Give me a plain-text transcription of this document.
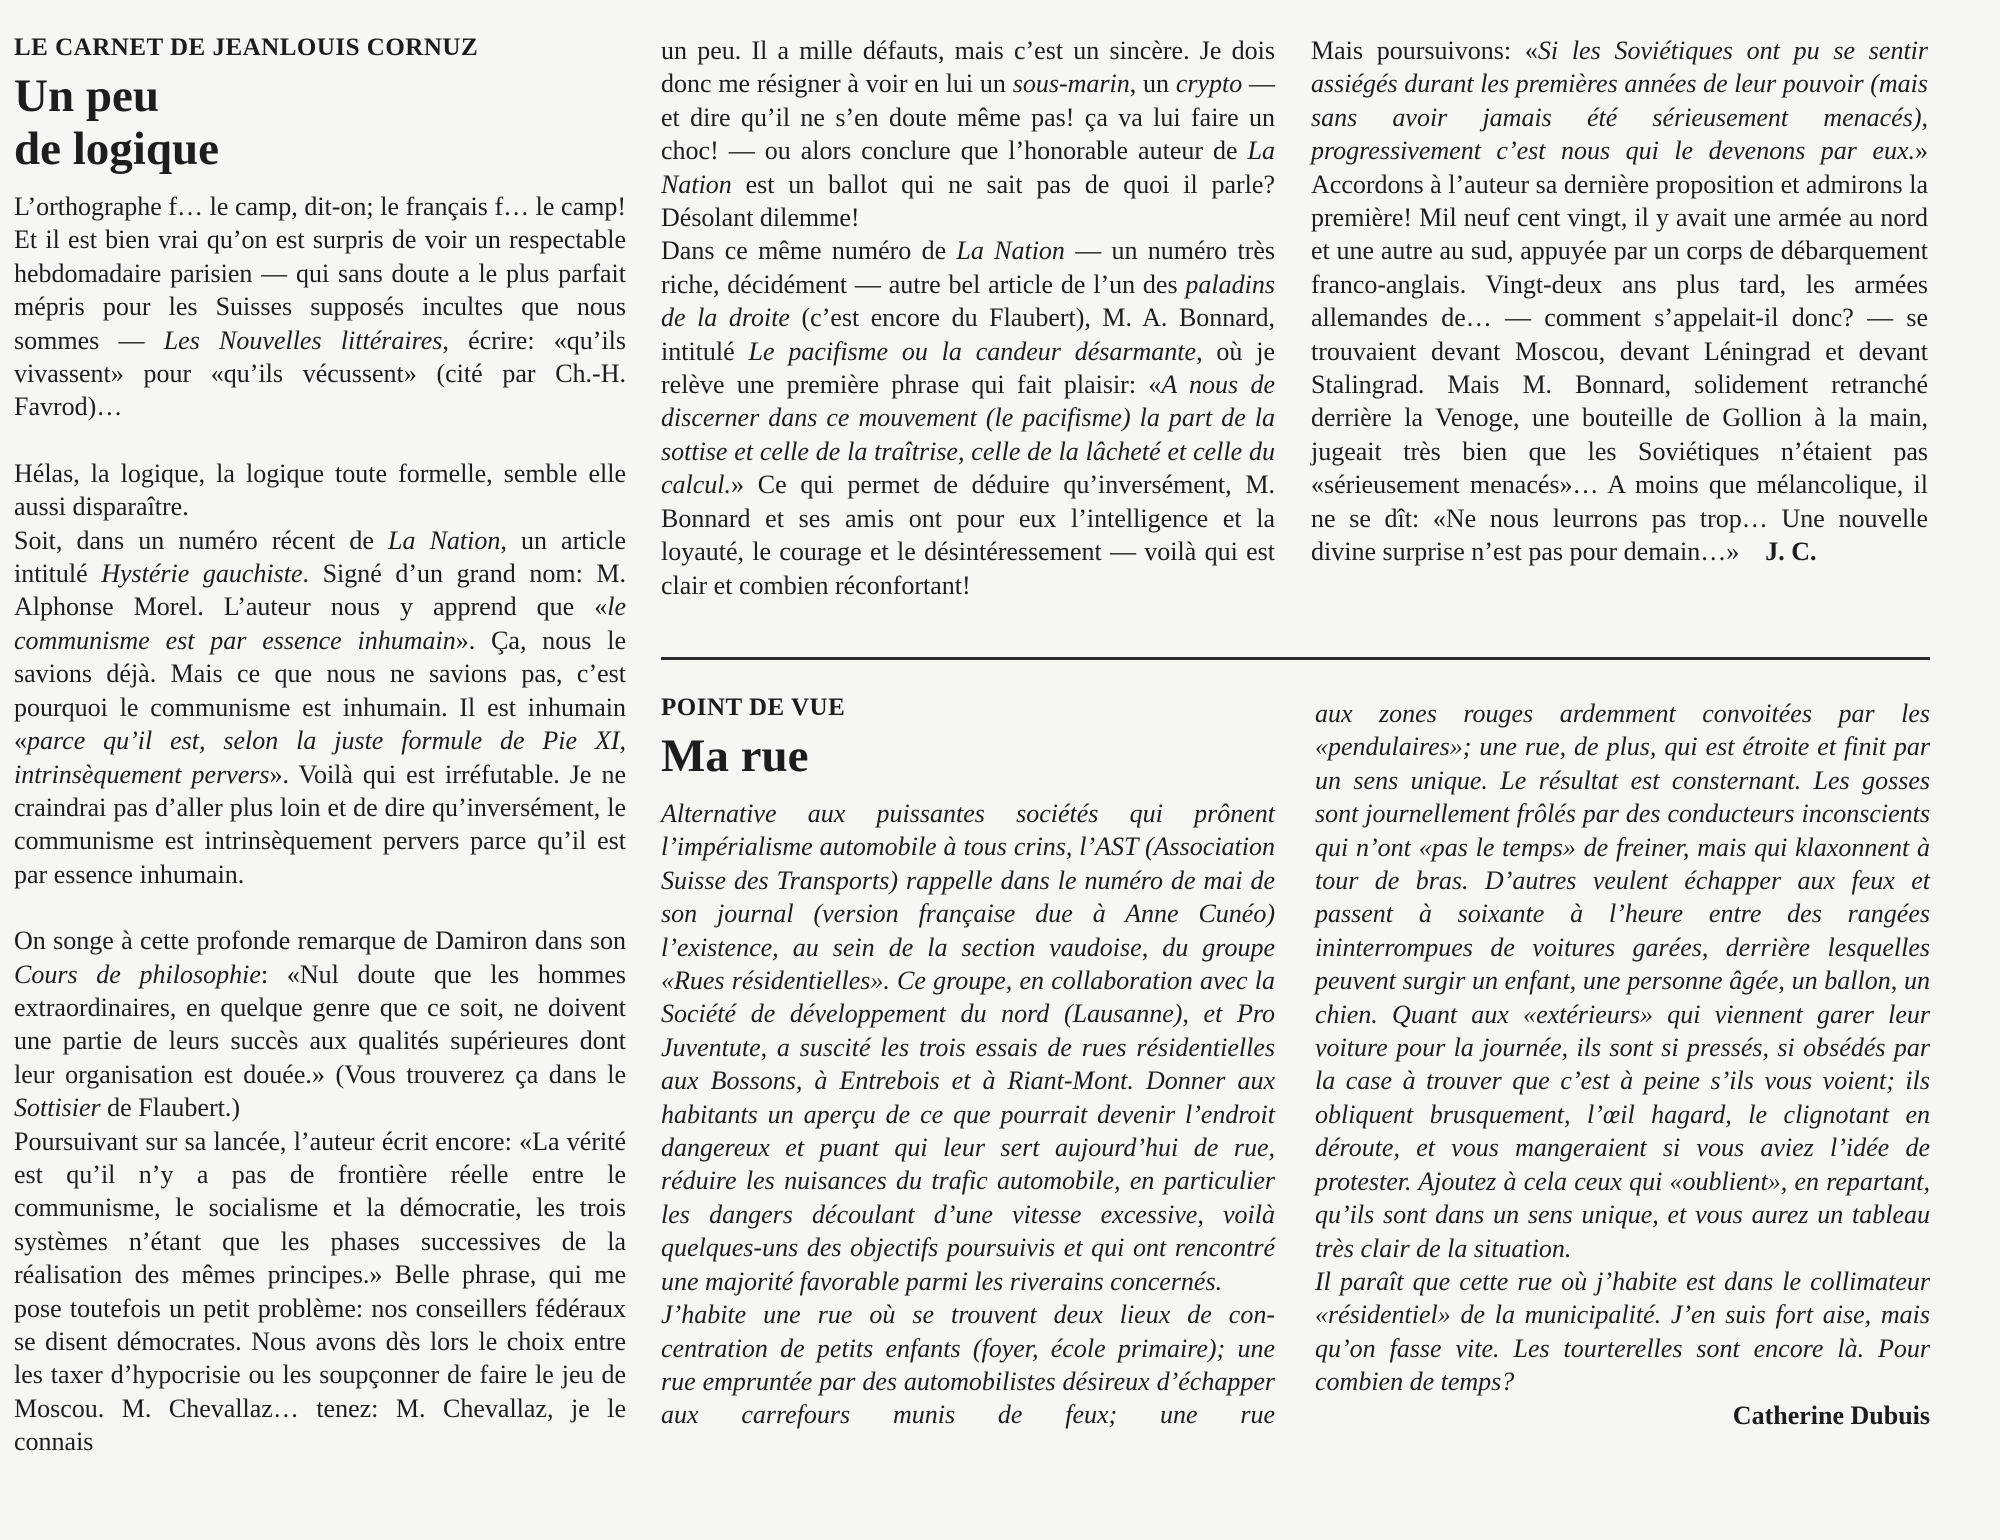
LE CARNET DE JEANLOUIS CORNUZ
Un peu
de logique

L’orthographe f… le camp, dit-on; le français f… le camp! Et il est bien vrai qu’on est surpris de voir un respectable hebdomadaire parisien — qui sans doute a le plus parfait mépris pour les Suisses supposés incultes que nous sommes — Les Nouvelles littéraires, écrire: «qu’ils vivassent» pour «qu’ils vécussent» (cité par Ch.-H. Favrod)…

Hélas, la logique, la logique toute formelle, semble elle aussi disparaître.

Soit, dans un numéro récent de La Nation, un article intitulé Hystérie gauchiste. Signé d’un grand nom: M. Alphonse Morel. L’auteur nous y apprend que «le communisme est par essence inhumain». Ça, nous le savions déjà. Mais ce que nous ne savions pas, c’est pourquoi le communisme est inhumain. Il est inhumain «parce qu’il est, selon la juste formule de Pie XI, intrinsèquement pervers». Voilà qui est irréfutable. Je ne craindrai pas d’aller plus loin et de dire qu’inversément, le communisme est intrinsèquement pervers parce qu’il est par essence inhumain.

On songe à cette profonde remarque de Damiron dans son Cours de philosophie: «Nul doute que les hommes extraordinaires, en quelque genre que ce soit, ne doivent une partie de leurs succès aux qualités supérieures dont leur organisation est douée.» (Vous trouverez ça dans le Sottisier de Flaubert.)

Poursuivant sur sa lancée, l’auteur écrit encore: «La vérité est qu’il n’y a pas de frontière réelle entre le communisme, le socialisme et la démocratie, les trois systèmes n’étant que les phases successives de la réalisation des mêmes principes.» Belle phrase, qui me pose toutefois un petit problème: nos conseillers fédéraux se disent démocrates. Nous avons dès lors le choix entre les taxer d’hypocrisie ou les soupçonner de faire le jeu de Moscou. M. Chevallaz… tenez: M. Chevallaz, je le connais

un peu. Il a mille défauts, mais c’est un sincère. Je dois donc me résigner à voir en lui un sous-marin, un crypto — et dire qu’il ne s’en doute même pas! ça va lui faire un choc! — ou alors conclure que l’honorable auteur de La Nation est un ballot qui ne sait pas de quoi il parle? Désolant dilemme!

Dans ce même numéro de La Nation — un numéro très riche, décidément — autre bel article de l’un des paladins de la droite (c’est encore du Flaubert), M. A. Bonnard, intitulé Le pacifisme ou la candeur désarmante, où je relève une première phrase qui fait plaisir: «A nous de discerner dans ce mouvement (le pacifisme) la part de la sottise et celle de la traîtrise, celle de la lâcheté et celle du calcul.» Ce qui permet de déduire qu’inversément, M. Bonnard et ses amis ont pour eux l’intelligence et la loyauté, le courage et le désintéressement — voilà qui est clair et combien réconfortant!

Mais poursuivons: «Si les Soviétiques ont pu se sentir assiégés durant les premières années de leur pouvoir (mais sans avoir jamais été sérieusement menacés), progressivement c’est nous qui le devenons par eux.» Accordons à l’auteur sa dernière proposition et admirons la première! Mil neuf cent vingt, il y avait une armée au nord et une autre au sud, appuyée par un corps de débarquement franco-anglais. Vingt-deux ans plus tard, les armées allemandes de… — comment s’appelait-il donc? — se trouvaient devant Moscou, devant Léningrad et devant Stalingrad. Mais M. Bonnard, solidement retranché derrière la Venoge, une bouteille de Gollion à la main, jugeait très bien que les Soviétiques n’étaient pas «sérieusement menacés»… A moins que mélancolique, il ne se dît: «Ne nous leurrons pas trop… Une nouvelle divine surprise n’est pas pour demain…» J. C.

POINT DE VUE
Ma rue

Alternative aux puissantes sociétés qui prônent l’impérialisme automobile à tous crins, l’AST (Association Suisse des Transports) rappelle dans le numéro de mai de son journal (version française due à Anne Cunéo) l’existence, au sein de la section vaudoise, du groupe «Rues résidentielles». Ce groupe, en collaboration avec la Société de développement du nord (Lausanne), et Pro Juventute, a suscité les trois essais de rues résidentielles aux Bossons, à Entrebois et à Riant-Mont. Donner aux habitants un aperçu de ce que pourrait devenir l’endroit dangereux et puant qui leur sert aujourd’hui de rue, réduire les nuisances du trafic automobile, en particulier les dangers découlant d’une vitesse excessive, voilà quelques-uns des objectifs poursuivis et qui ont rencontré une majorité favorable parmi les riverains concernés.

J’habite une rue où se trouvent deux lieux de concentration de petits enfants (foyer, école primaire); une rue empruntée par des automobilistes désireux d’échapper aux carrefours munis de feux; une rue

aux zones rouges ardemment convoitées par les «pendulaires»; une rue, de plus, qui est étroite et finit par un sens unique. Le résultat est consternant. Les gosses sont journellement frôlés par des conducteurs inconscients qui n’ont «pas le temps» de freiner, mais qui klaxonnent à tour de bras. D’autres veulent échapper aux feux et passent à soixante à l’heure entre des rangées ininterrompues de voitures garées, derrière lesquelles peuvent surgir un enfant, une personne âgée, un ballon, un chien. Quant aux «extérieurs» qui viennent garer leur voiture pour la journée, ils sont si pressés, si obsédés par la case à trouver que c’est à peine s’ils vous voient; ils obliquent brusquement, l’œil hagard, le clignotant en déroute, et vous mangeraient si vous aviez l’idée de protester. Ajoutez à cela ceux qui «oublient», en repartant, qu’ils sont dans un sens unique, et vous aurez un tableau très clair de la situation.

Il paraît que cette rue où j’habite est dans le collimateur «résidentiel» de la municipalité. J’en suis fort aise, mais qu’on fasse vite. Les tourterelles sont encore là. Pour combien de temps?

Catherine Dubuis
